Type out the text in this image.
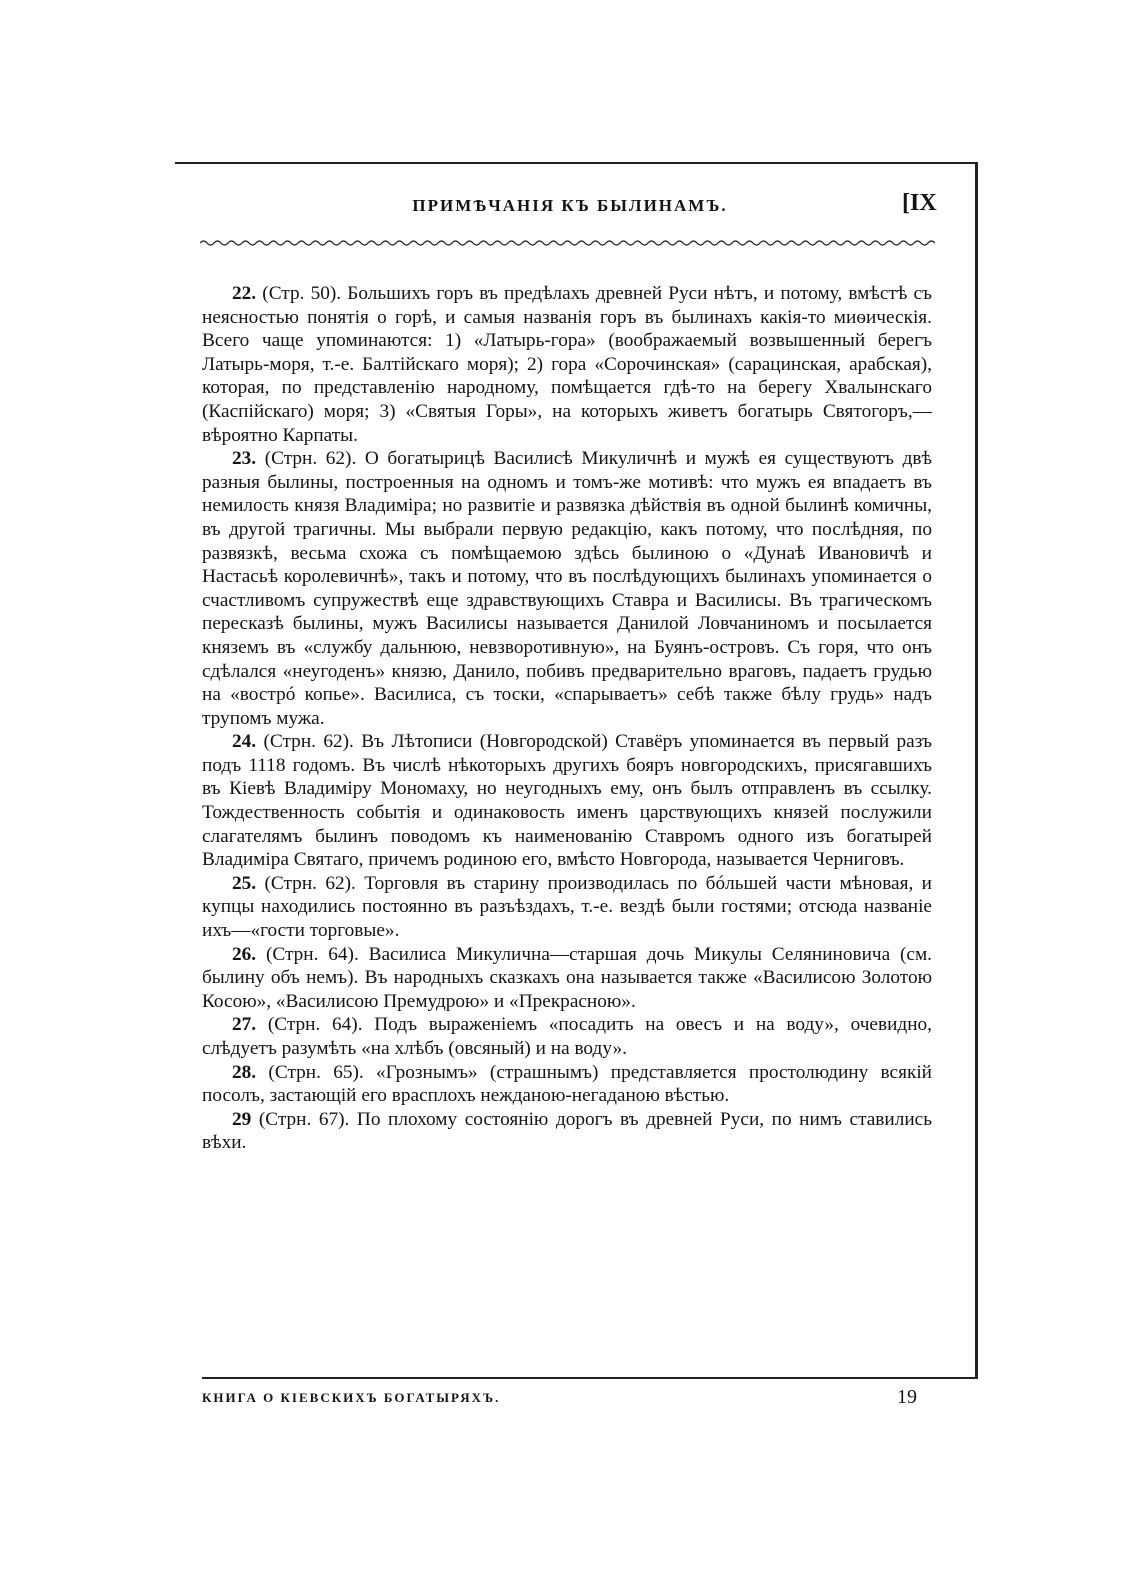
ПРИМѢЧАНІЯ КЪ БЫЛИНАМЪ.	[IX

22. (Стр. 50). Большихъ горъ въ предѣлахъ древней Руси нѣтъ, и потому, вмѣстѣ съ неясностью понятія о горѣ, и самыя названія горъ въ былинахъ какія-то миѳическія. Всего чаще упоминаются: 1) «Латырь-гора» (воображаемый возвышенный берегъ Латырь-моря, т.-е. Балтійскаго моря); 2) гора «Сорочинская» (сарацинская, арабская), которая, по представленію народному, помѣщается гдѣ-то на берегу Хвалынскаго (Каспійскаго) моря; 3) «Святыя Горы», на которыхъ живетъ богатырь Святогоръ,—вѣроятно Карпаты.

23. (Стрн. 62). О богатырицѣ Василисѣ Микуличнѣ и мужѣ ея существуютъ двѣ разныя былины, построенныя на одномъ и томъ-же мотивѣ: что мужъ ея впадаетъ въ немилость князя Владиміра; но развитіе и развязка дѣйствія въ одной былинѣ комичны, въ другой трагичны. Мы выбрали первую редакцію, какъ потому, что послѣдняя, по развязкѣ, весьма схожа съ помѣщаемою здѣсь былиною о «Дунаѣ Ивановичѣ и Настасьѣ королевичнѣ», такъ и потому, что въ послѣдующихъ былинахъ упоминается о счастливомъ супружествѣ еще здравствующихъ Ставра и Василисы. Въ трагическомъ пересказѣ былины, мужъ Василисы называется Данилой Ловчаниномъ и посылается княземъ въ «службу дальнюю, невзворотивную», на Буянъ-островъ. Съ горя, что онъ сдѣлался «неугоденъ» князю, Данило, побивъ предварительно враговъ, падаетъ грудью на «вострó копье». Василиса, съ тоски, «спарываетъ» себѣ также бѣлу грудь» надъ трупомъ мужа.

24. (Стрн. 62). Въ Лѣтописи (Новгородской) Ставёръ упоминается въ первый разъ подъ 1118 годомъ. Въ числѣ нѣкоторыхъ другихъ бояръ новгородскихъ, присягавшихъ въ Кіевѣ Владиміру Мономаху, но неугодныхъ ему, онъ былъ отправленъ въ ссылку. Тождественность событія и одинаковость именъ царствующихъ князей послужили слагателямъ былинъ поводомъ къ наименованію Ставромъ одного изъ богатырей Владиміра Святаго, причемъ родиною его, вмѣсто Новгорода, называется Черниговъ.

25. (Стрн. 62). Торговля въ старину производилась по бóльшей части мѣновая, и купцы находились постоянно въ разъѣздахъ, т.-е. вездѣ были гостями; отсюда названіе ихъ—«гости торговые».

26. (Стрн. 64). Василиса Микулична—старшая дочь Микулы Селяниновича (см. былину объ немъ). Въ народныхъ сказкахъ она называется также «Василисою Золотою Косою», «Василисою Премудрою» и «Прекрасною».

27. (Стрн. 64). Подъ выраженіемъ «посадить на овесъ и на воду», очевидно, слѣдуетъ разумѣть «на хлѣбъ (овсяный) и на воду».

28. (Стрн. 65). «Грознымъ» (страшнымъ) представляется простолюдину всякій посолъ, застающій его врасплохъ нежданою-негаданою вѣстью.

29 (Стрн. 67). По плохому состоянію дорогъ въ древней Руси, по нимъ ставились вѣхи.

КНИГА О КІЕВСКИХЪ БОГАТЫРЯХЪ.	19
